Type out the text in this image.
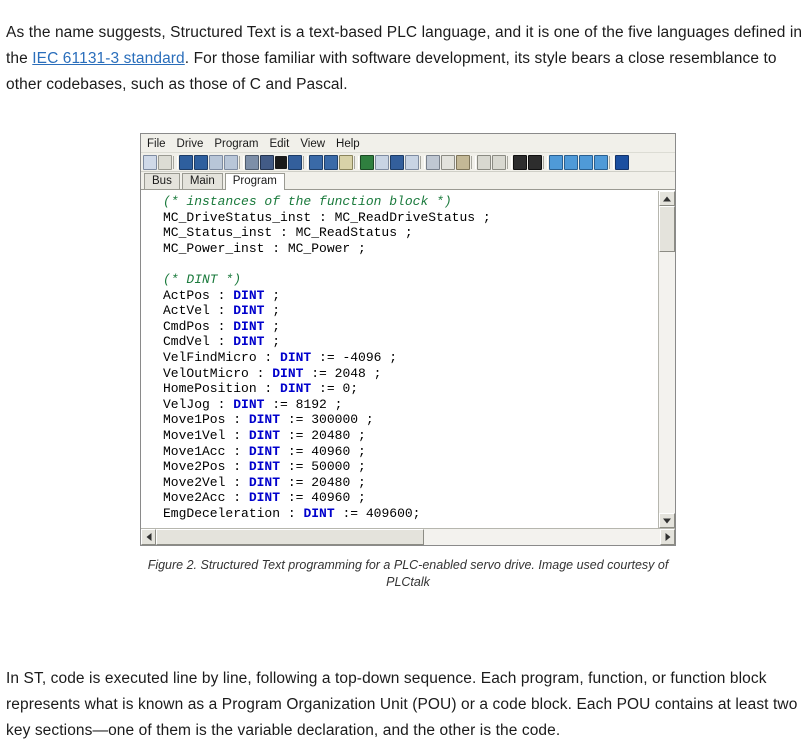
As the name suggests, Structured Text is a text-based PLC language, and it is one of the five languages defined in the IEC 61131-3 standard. For those familiar with software development, its style bears a close resemblance to other codebases, such as those of C and Pascal.

File Drive Program Edit View Help
Bus	Main	Program
(* instances of the function block *)
MC_DriveStatus_inst : MC_ReadDriveStatus ;
MC_Status_inst : MC_ReadStatus ;
MC_Power_inst : MC_Power ;

(* DINT *)
ActPos : DINT ;
ActVel : DINT ;
CmdPos : DINT ;
CmdVel : DINT ;
VelFindMicro : DINT := -4096 ;
VelOutMicro : DINT := 2048 ;
HomePosition : DINT := 0;
VelJog : DINT := 8192 ;
Move1Pos : DINT := 300000 ;
Move1Vel : DINT := 20480 ;
Move1Acc : DINT := 40960 ;
Move2Pos : DINT := 50000 ;
Move2Vel : DINT := 20480 ;
Move2Acc : DINT := 40960 ;
EmgDeceleration : DINT := 409600;
Figure 2. Structured Text programming for a PLC-enabled servo drive. Image used courtesy of PLCtalk

In ST, code is executed line by line, following a top-down sequence. Each program, function, or function block represents what is known as a Program Organization Unit (POU) or a code block. Each POU contains at least two key sections—one of them is the variable declaration, and the other is the code.
